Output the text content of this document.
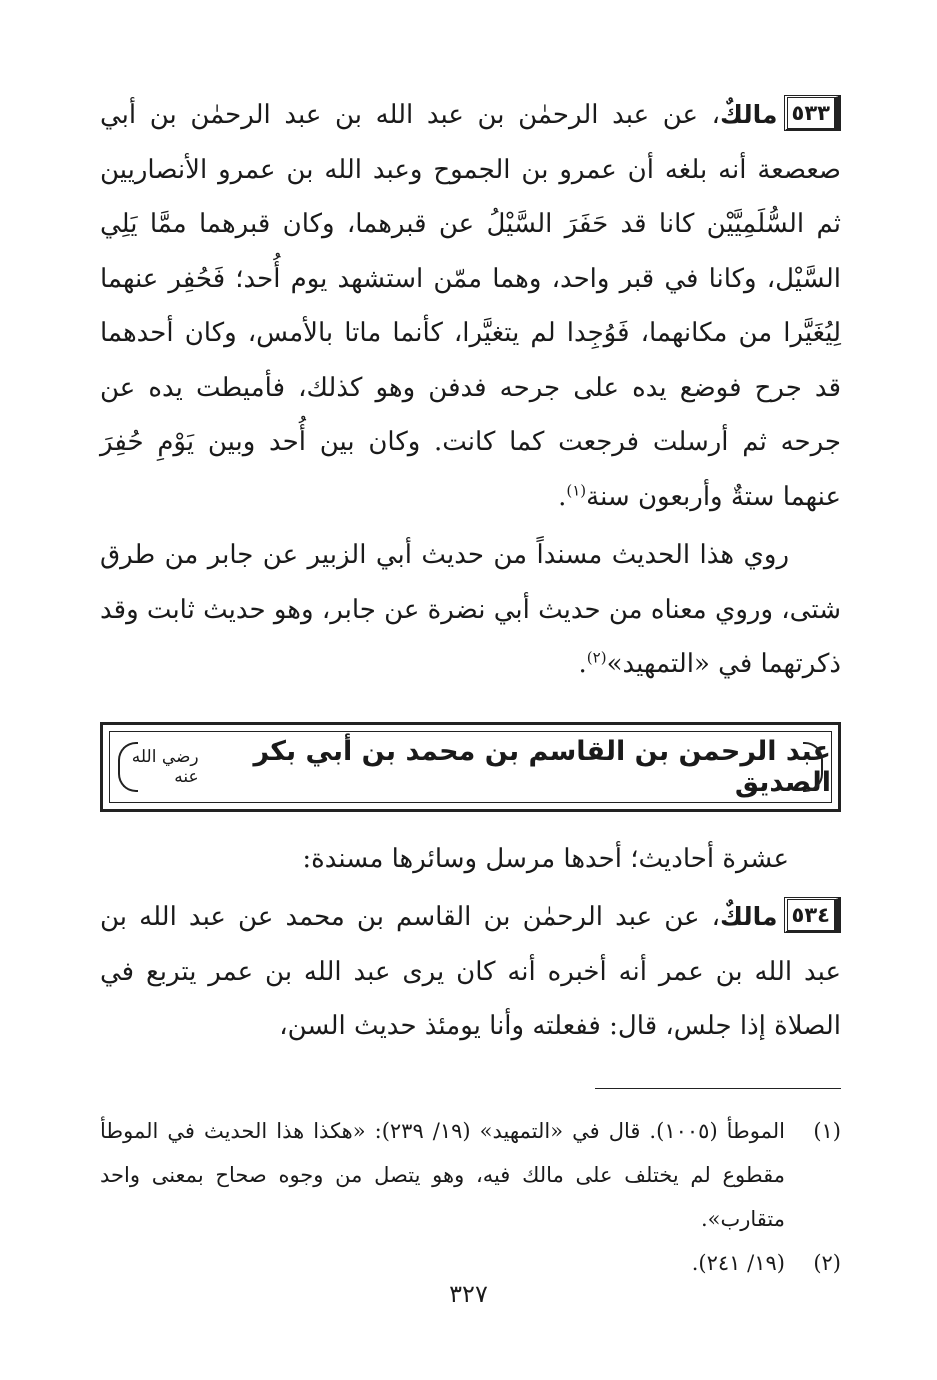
٥٣٣مالكٌ، عن عبد الرحمٰن بن عبد الله بن عبد الرحمٰن بن أبي صعصعة أنه بلغه أن عمرو بن الجموح وعبد الله بن عمرو الأنصاريين ثم السُّلَمِيَّيْن كانا قد حَفَرَ السَّيْلُ عن قبرهما، وكان قبرهما ممَّا يَلِي السَّيْل، وكانا في قبر واحد، وهما ممّن استشهد يوم أُحد؛ فَحُفِر عنهما لِيُغَيَّرا من مكانهما، فَوُجِدا لم يتغيَّرا، كأنما ماتا بالأمس، وكان أحدهما قد جرح فوضع يده على جرحه فدفن وهو كذلك، فأميطت يده عن جرحه ثم أرسلت فرجعت كما كانت. وكان بين أُحد وبين يَوْمِ حُفِرَ عنهما ستةٌ وأربعون سنة$^{(١)}$.

روي هذا الحديث مسنداً من حديث أبي الزبير عن جابر من طرق شتى، وروي معناه من حديث أبي نضرة عن جابر، وهو حديث ثابت وقد ذكرتهما في «التمهيد»$^{(٢)}$.

عبد الرحمن بن القاسم بن محمد بن أبي بكر الصديق
رضي الله عنه

عشرة أحاديث؛ أحدها مرسل وسائرها مسندة:

٥٣٤مالكٌ، عن عبد الرحمٰن بن القاسم بن محمد عن عبد الله بن عبد الله بن عمر أنه أخبره أنه كان يرى عبد الله بن عمر يتربع في الصلاة إذا جلس، قال: ففعلته وأنا يومئذ حديث السن،

(١)
الموطأ (١٠٠٥). قال في «التمهيد» (١٩/ ٢٣٩): «هكذا هذا الحديث في الموطأ مقطوع لم يختلف على مالك فيه، وهو يتصل من وجوه صحاح بمعنى واحد متقارب».
(٢)
(١٩/ ٢٤١).
٣٢٧
